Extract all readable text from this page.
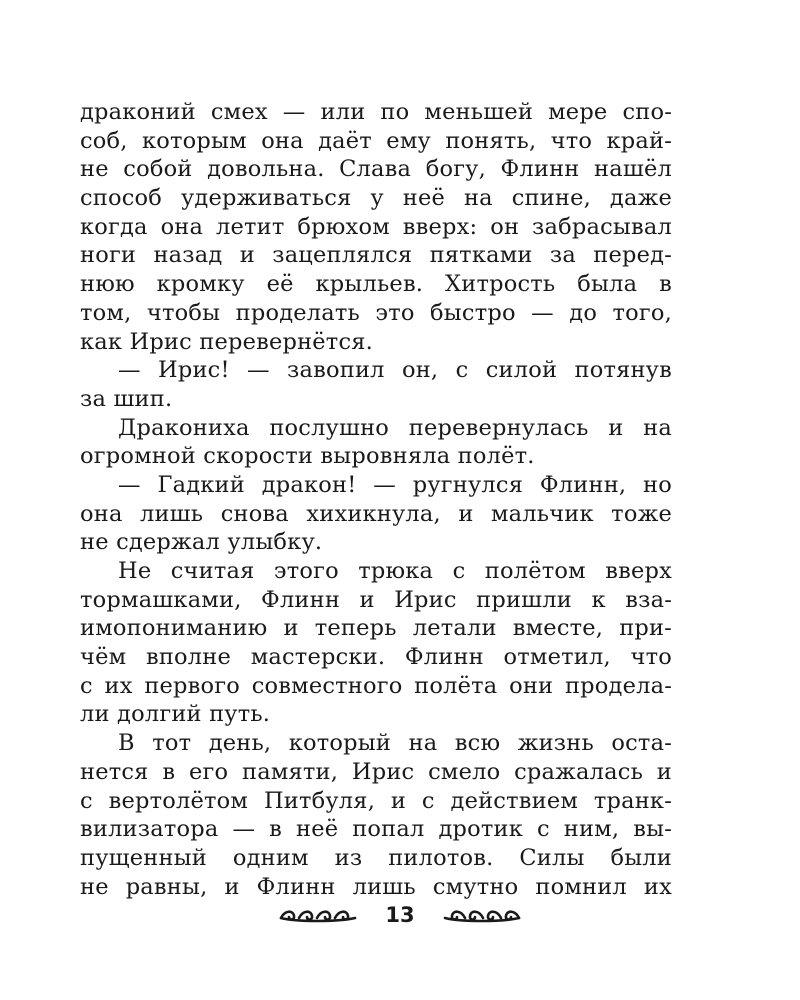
драконий смех — или по меньшей мере спо-
соб, которым она даёт ему понять, что край-
не собой довольна. Слава богу, Флинн нашёл
способ удерживаться у неё на спине, даже
когда она летит брюхом вверх: он забрасывал
ноги назад и зацеплялся пятками за перед-
нюю кромку её крыльев. Хитрость была в
том, чтобы проделать это быстро — до того,
как Ирис перевернётся.
— Ирис! — завопил он, с силой потянув
за шип.
Дракониха послушно перевернулась и на
огромной скорости выровняла полёт.
— Гадкий дракон! — ругнулся Флинн, но
она лишь снова хихикнула, и мальчик тоже
не сдержал улыбку.
Не считая этого трюка с полётом вверх
тормашками, Флинн и Ирис пришли к вза-
имопониманию и теперь летали вместе, при-
чём вполне мастерски. Флинн отметил, что
с их первого совместного полёта они продела-
ли долгий путь.
В тот день, который на всю жизнь оста-
нется в его памяти, Ирис смело сражалась и
с вертолётом Питбуля, и с действием транк-
вилизатора — в неё попал дротик с ним, вы-
пущенный одним из пилотов. Силы были
не равны, и Флинн лишь смутно помнил их
13
